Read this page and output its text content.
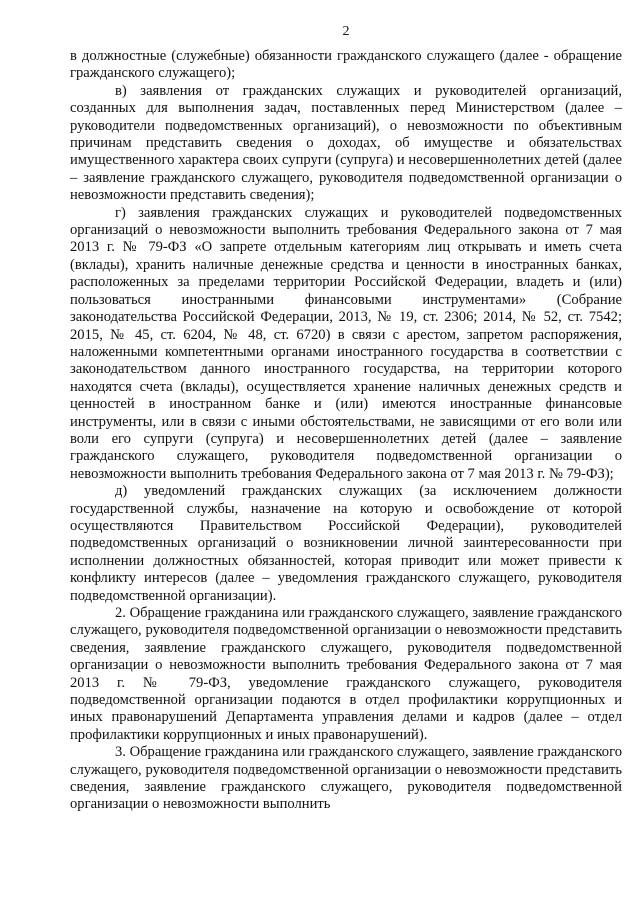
2

в должностные (служебные) обязанности гражданского служащего (далее - обращение гражданского служащего);

в) заявления от гражданских служащих и руководителей организаций, созданных для выполнения задач, поставленных перед Министерством (далее – руководители подведомственных организаций), о невозможности по объективным причинам представить сведения о доходах, об имуществе и обязательствах имущественного характера своих супруги (супруга) и несовершеннолетних детей (далее – заявление гражданского служащего, руководителя подведомственной организации о невозможности представить сведения);

г) заявления гражданских служащих и руководителей подведомственных организаций о невозможности выполнить требования Федерального закона от 7 мая 2013 г. № 79-ФЗ «О запрете отдельным категориям лиц открывать и иметь счета (вклады), хранить наличные денежные средства и ценности в иностранных банках, расположенных за пределами территории Российской Федерации, владеть и (или) пользоваться иностранными финансовыми инструментами» (Собрание законодательства Российской Федерации, 2013, № 19, ст. 2306; 2014, № 52, ст. 7542; 2015, № 45, ст. 6204, № 48, ст. 6720) в связи с арестом, запретом распоряжения, наложенными компетентными органами иностранного государства в соответствии с законодательством данного иностранного государства, на территории которого находятся счета (вклады), осуществляется хранение наличных денежных средств и ценностей в иностранном банке и (или) имеются иностранные финансовые инструменты, или в связи с иными обстоятельствами, не зависящими от его воли или воли его супруги (супруга) и несовершеннолетних детей (далее – заявление гражданского служащего, руководителя подведомственной организации о невозможности выполнить требования Федерального закона от 7 мая 2013 г. № 79-ФЗ);

д) уведомлений гражданских служащих (за исключением должности государственной службы, назначение на которую и освобождение от которой осуществляются Правительством Российской Федерации), руководителей подведомственных организаций о возникновении личной заинтересованности при исполнении должностных обязанностей, которая приводит или может привести к конфликту интересов (далее – уведомления гражданского служащего, руководителя подведомственной организации).

2. Обращение гражданина или гражданского служащего, заявление гражданского служащего, руководителя подведомственной организации о невозможности представить сведения, заявление гражданского служащего, руководителя подведомственной организации о невозможности выполнить требования Федерального закона от 7 мая 2013 г. № 79-ФЗ, уведомление гражданского служащего, руководителя подведомственной организации подаются в отдел профилактики коррупционных и иных правонарушений Департамента управления делами и кадров (далее – отдел профилактики коррупционных и иных правонарушений).

3. Обращение гражданина или гражданского служащего, заявление гражданского служащего, руководителя подведомственной организации о невозможности представить сведения, заявление гражданского служащего, руководителя подведомственной организации о невозможности выполнить
